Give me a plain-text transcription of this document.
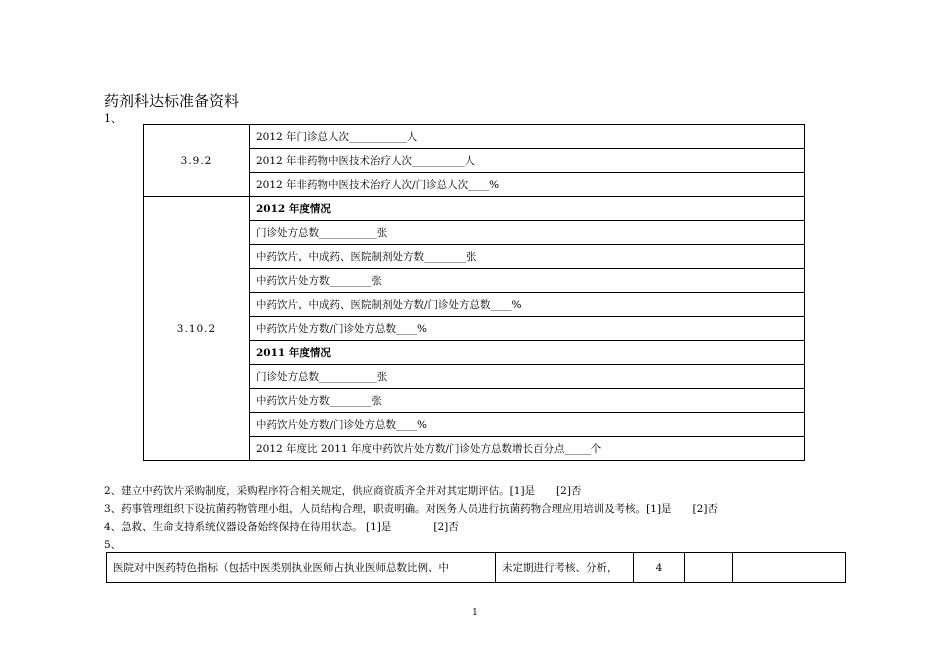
药剂科达标准备资料
1、
3.9.2	2012 年门诊总人次___________人
	2012 年非药物中医技术治疗人次__________人
	2012 年非药物中医技术治疗人次/门诊总人次____%
3.10.2	2012 年度情况
	门诊处方总数___________张
	中药饮片、中成药、医院制剂处方数________张
	中药饮片处方数________张
	中药饮片、中成药、医院制剂处方数/门诊处方总数____%
	中药饮片处方数/门诊处方总数____%
	2011 年度情况
	门诊处方总数___________张
	中药饮片处方数________张
	中药饮片处方数/门诊处方总数____%
	2012 年度比 2011 年度中药饮片处方数/门诊处方总数增长百分点_____个
2、建立中药饮片采购制度，采购程序符合相关规定，供应商资质齐全并对其定期评估。[1]是　　[2]否
3、药事管理组织下设抗菌药物管理小组，人员结构合理，职责明确。对医务人员进行抗菌药物合理应用培训及考核。[1]是　　[2]否
4、急救、生命支持系统仪器设备始终保持在待用状态。 [1]是　　　　[2]否
5、
医院对中医药特色指标（包括中医类别执业医师占执业医师总数比例、中	未定期进行考核、分析，	4		
1
